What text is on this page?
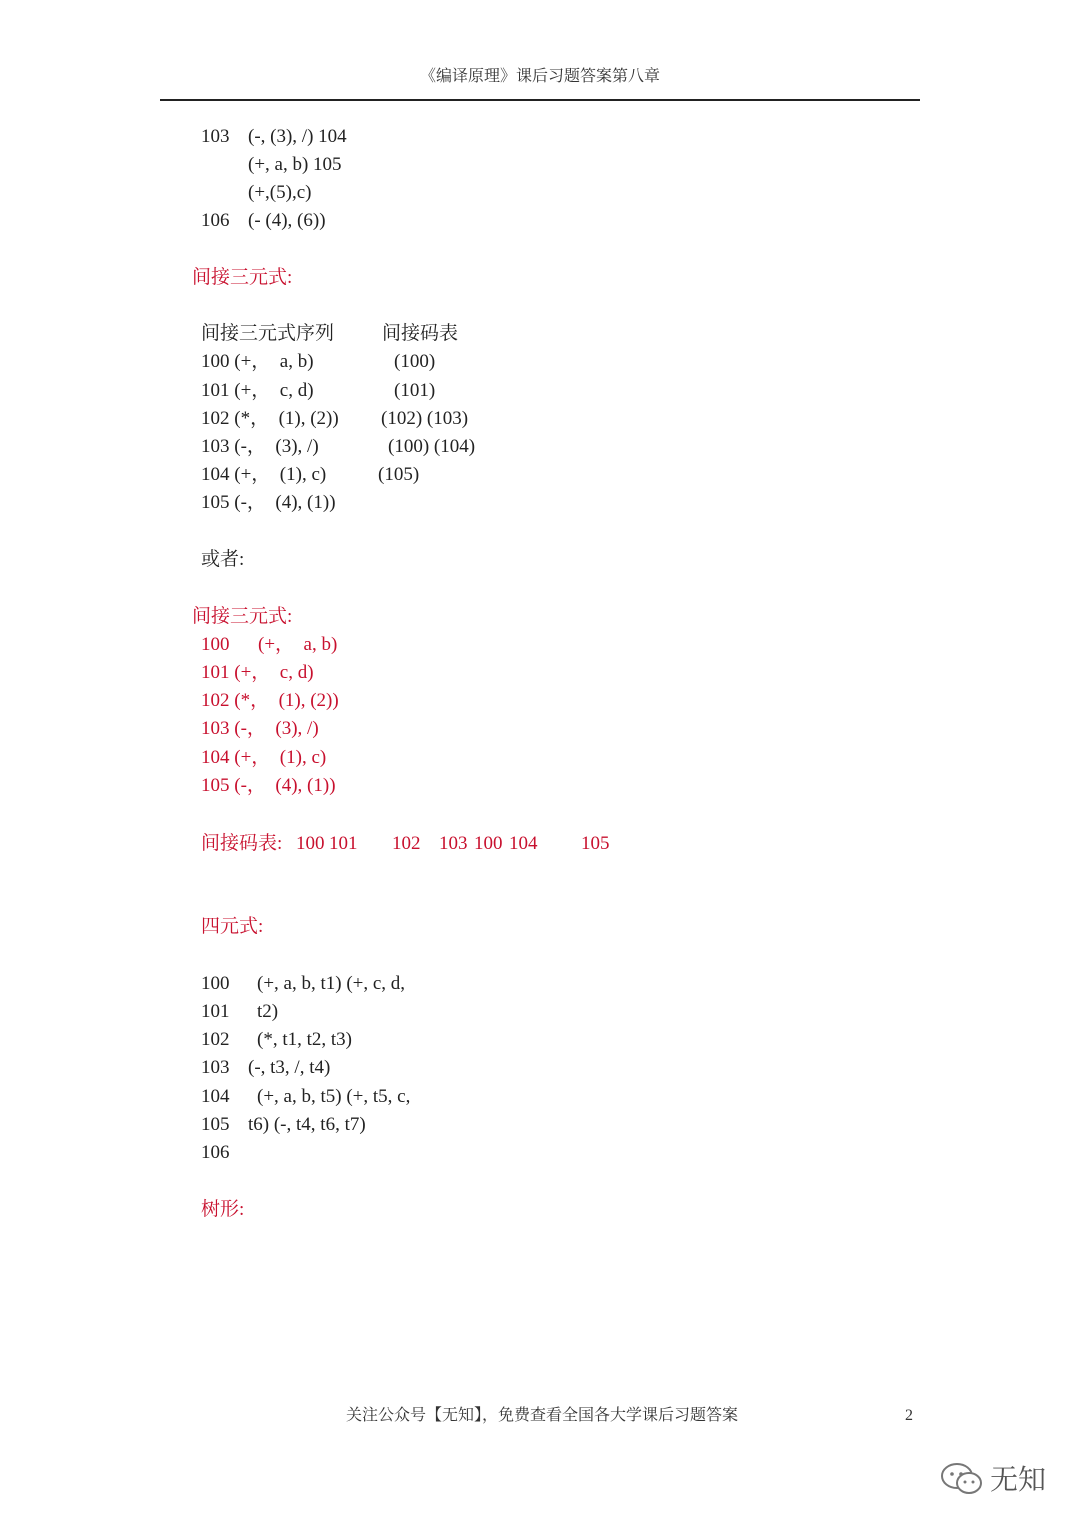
《编译原理》课后习题答案第八章
103 (-, (3), /) 104
(+, a, b) 105
(+,(5),c)
106 (- (4), (6))
间接三元式:
间接三元式序列	间接码表
100 (+，  a, b)	(100)
101 (+，  c, d)	(101)
102 (*，  (1), (2)) (102) (103)
103 (-，  (3), /)	(100) (104)
104 (+，  (1), c)	(105)
105 (-，  (4), (1))
或者:
间接三元式:
100      (+，  a, b)
101 (+，  c, d)
102 (*，  (1), (2))
103 (-，  (3), /)
104 (+，  (1), c)
105 (-，  (4), (1))
间接码表: 100 101 102 103 100 104 105
四元式:
100 (+, a, b, t1) (+, c, d,
101 t2)
102 (*, t1, t2, t3)
103 (-, t3, /, t4)
104 (+, a, b, t5) (+, t5, c,
105 t6) (-, t4, t6, t7)
106
树形:
关注公众号【无知】，免费查看全国各大学课后习题答案	2
无知
